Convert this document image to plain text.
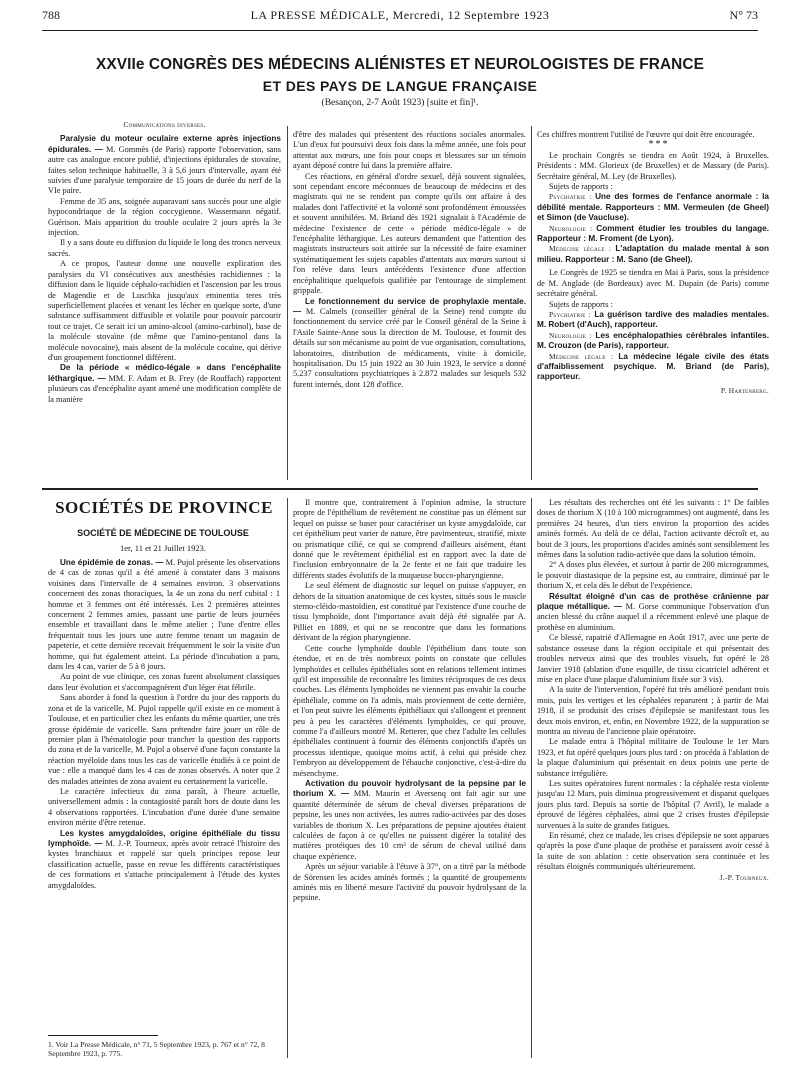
788	LA PRESSE MÉDICALE, Mercredi, 12 Septembre 1923	N° 73
XXVIIe CONGRÈS DES MÉDECINS ALIÉNISTES ET NEUROLOGISTES DE FRANCE
ET DES PAYS DE LANGUE FRANÇAISE
(Besançon, 2-7 Août 1923) [suite et fin]¹.

Communications diverses.

Paralysie du moteur oculaire externe après injections épidurales. — M. Gommès (de Paris) rapporte l'observation, sans autre cas analogue encore publié, d'injections épidurales de stovaïne, faites selon technique habituelle, 3 à 5,6 jours d'intervalle, ayant été suivies d'une paralysie temporaire de 15 jours de durée du nerf de la VIe paire.

Femme de 35 ans, soignée auparavant sans succès pour une algie hypocondriaque de la région coccygienne. Wassermann négatif. Guérison. Mais apparition du trouble oculaire 2 jours après la 3e injection.

Il y a sans doute eu diffusion du liquide le long des troncs nerveux sacrés.

A ce propos, l'auteur donne une nouvelle explication des paralysies du VI consécutives aux anesthésies rachidiennes : la diffusion dans le liquide céphalo-rachidien et l'ascension par les trous de Magendie et de Luschka jusqu'aux eminentia teres très superficiellement placées et venant les lécher en quelque sorte, d'une substance suffisamment diffusible et volatile pour pouvoir parcourir tout ce trajet. Ce serait ici un amino-alcool (amino-carbinol), base de la molécule stovaïne (de même que l'amino-pentanol dans la molécule novocaïne), mais absent de la molécule cocaïne, qui dérive d'un groupement fonctionnel différent.

De la période « médico-légale » dans l'encéphalite léthargique. — MM. F. Adam et B. Frey (de Rouffach) rapportent plusieurs cas d'encéphalite ayant amené une modification complète de la manière

d'être des malades qui présentent des réactions sociales anormales. L'un d'eux fut poursuivi deux fois dans la même année, une fois pour attentat aux mœurs, une fois pour coups et blessures sur un témoin ayant déposé contre lui dans la première affaire.

Ces réactions, en général d'ordre sexuel, déjà souvent signalées, sont cependant encore méconnues de beaucoup de médecins et des magistrats qui ne se rendent pas compte qu'ils ont affaire à des malades dont l'affectivité et la volonté sont profondément émoussées et souvent annihilées. M. Briand dès 1921 signalait à l'Académie de médecine l'existence de cette « période médico-légale » de l'encéphalite léthargique. Les auteurs demandent que l'attention des magistrats instructeurs soit attirée sur la nécessité de faire examiner systématiquement les sujets capables d'attentats aux mœurs surtout si l'on relève dans leurs antécédents l'existence d'une affection encéphalitique quelquefois qualifiée par l'entourage de simplement grippale.

Le fonctionnement du service de prophylaxie mentale. — M. Calmels (conseiller général de la Seine) rend compte du fonctionnement du service créé par le Conseil général de la Seine à l'Asile Sainte-Anne sous la direction de M. Toulouse, et fournit des détails sur son mécanisme au point de vue organisation, consultations, laboratoires, distribution de médicaments, visite à domicile, hospitalisation. Du 15 juin 1922 au 30 Juin 1923, le service a donné 5.237 consultations psychiatriques à 2.872 malades sur lesquels 532 furent internés, dont 128 d'office.

Ces chiffres montrent l'utilité de l'œuvre qui doit être encouragée.

***

Le prochain Congrès se tiendra en Août 1924, à Bruxelles. Présidents : MM. Glorieux (de Bruxelles) et de Massary (de Paris). Secrétaire général, M. Ley (de Bruxelles).

Sujets de rapports :

Psychiatrie : Une des formes de l'enfance anormale : la débilité mentale. Rapporteurs : MM. Vermeulen (de Gheel) et Simon (de Vaucluse).

Neurologie : Comment étudier les troubles du langage. Rapporteur : M. Froment (de Lyon).

Médecine légale : L'adaptation du malade mental à son milieu. Rapporteur : M. Sano (de Gheel).

Le Congrès de 1925 se tiendra en Mai à Paris, sous la présidence de M. Anglade (de Bordeaux) avec M. Dupain (de Paris) comme secrétaire général.

Sujets de rapports :

Psychiatrie : La guérison tardive des maladies mentales. M. Robert (d'Auch), rapporteur.

Neurologie : Les encéphalopathies cérébrales infantiles. M. Crouzon (de Paris), rapporteur.

Médecine légale : La médecine légale civile des états d'affaiblissement psychique. M. Briand (de Paris), rapporteur.

P. Hartenberg.

SOCIÉTÉS DE PROVINCE
SOCIÉTÉ DE MÉDECINE DE TOULOUSE
1er, 11 et 21 Juillet 1923.

Une épidémie de zonas. — M. Pujol présente les observations de 4 cas de zonas qu'il a été amené à constater dans 3 maisons voisines dans l'intervalle de 4 semaines environ. 3 observations concernent des zonas thoraciques, la 4e un zona du nerf cubital : 1 homme et 3 femmes ont été intéressés. Les 2 premières atteintes concernent 2 femmes amies, passant une partie de leurs journées ensemble et travaillant dans le même atelier ; l'une d'entre elles fréquentait tous les jours une autre femme tenant un magasin de papeterie, et cette dernière recevait fréquemment le soir la visite d'un homme, qui fut également atteint. La période d'incubation a paru, dans les 4 cas, varier de 5 à 8 jours.

Au point de vue clinique, ces zonas furent absolument classiques dans leur évolution et s'accompagnèrent d'un léger état fébrile.

Sans aborder à fond la question à l'ordre du jour des rapports du zona et de la varicelle, M. Pujol rappelle qu'il existe en ce moment à Toulouse, et en particulier chez les enfants du même quartier, une très grosse épidémie de varicelle. Sans prétendre faire jouer un rôle de premier plan à l'hématologie pour trancher la question des rapports du zona et de la varicelle, M. Pujol a observé d'une façon constante la réaction myéloïde dans tous les cas de varicelle étudiés à ce point de vue : elle a manqué dans les 4 cas de zonas observés. A noter que 2 des malades atteintes de zona avaient eu certainement la varicelle.

Le caractère infectieux du zona paraît, à l'heure actuelle, universellement admis : la contagiosité paraît hors de doute dans les 4 observations rapportées. L'incubation d'une durée d'une semaine environ mérite d'être retenue.

Les kystes amygdaloïdes, origine épithéliale du tissu lymphoïde. — M. J.-P. Tourneux, après avoir retracé l'histoire des kystes branchiaux et rappelé sur quels principes repose leur classification actuelle, passe en revue les différents caractéristiques de ces formations et s'attache principalement à l'étude des kystes amygdaloïdes.

1. Voir La Presse Médicale, n° 71, 5 Septembre 1923, p. 767 et n° 72, 8 Septembre 1923, p. 775.

Il montre que, contrairement à l'opinion admise, la structure propre de l'épithélium de revêtement ne constitue pas un élément sur lequel on puisse se baser pour caractériser un kyste amygdaloïde, car cet épithélium peut varier de nature, être pavimenteux, stratifié, mixte ou prismatique cilié, ce qui se comprend d'ailleurs aisément, étant donné que le revêtement épithélial est en rapport avec la date de l'inclusion embryonnaire de la 2e fente et ne fait que traduire les différents stades évolutifs de la muqueuse bucco-pharyngienne.

Le seul élément de diagnostic sur lequel on puisse s'appuyer, en dehors de la situation anatomique de ces kystes, situés sous le muscle sterno-cléido-mastoïdien, est constitué par l'existence d'une couche de tissu lymphoïde, dont l'importance avait déjà été signalée par A. Pilliet en 1889, et qui ne se rencontre que dans les formations dérivant de la région pharyngienne.

Cette couche lymphoïde double l'épithélium dans toute son étendue, et en de très nombreux points on constate que cellules lymphoïdes et cellules épithéliales sont en relations tellement intimes qu'il est impossible de reconnaître les limites réciproques de ces deux couches. Les éléments lymphoïdes ne viennent pas envahir la couche épithéliale, comme on l'a admis, mais proviennent de cette dernière, et l'on peut suivre les éléments épithéliaux qui s'allongent et prennent peu à peu les caractères d'éléments lymphoïdes, ce qui prouve, comme l'a d'ailleurs montré M. Retterer, que chez l'adulte les cellules épithéliales continuent à fournir des éléments conjonctifs d'après un processus identique, quoique moins actif, à celui qui préside chez l'embryon au développement de l'ébauche conjonctive, c'est-à-dire du mésenchyme.

Activation du pouvoir hydrolysant de la pepsine par le thorium X. — MM. Maurin et Aversenq ont fait agir sur une quantité déterminée de sérum de cheval diverses préparations de pepsine, les unes non activées, les autres radio-activées par des doses variables de thorium X. Les préparations de pepsine ajoutées étaient calculées de façon à ce qu'elles ne puissent digérer la totalité des matières protéiques des 10 cm³ de sérum de cheval utilisé dans chaque expérience.

Après un séjour variable à l'étuve à 37°, on a titré par la méthode de Sörensen les acides aminés formés ; la quantité de groupements aminés mis en liberté mesure l'activité du pouvoir hydrolysant de la pepsine.

Les résultats des recherches ont été les suivants : 1° De faibles doses de thorium X (10 à 100 microgrammes) ont augmenté, dans les premières 24 heures, d'un tiers environ la proportion des acides aminés formés. Au delà de ce délai, l'action activante décroît et, au bout de 3 jours, les proportions d'acides aminés sont sensiblement les mêmes dans la solution radio-activée que dans la solution témoin.

2° A doses plus élevées, et surtout à partir de 200 microgrammes, le pouvoir diastasique de la pepsine est, au contraire, diminué par le thorium X, et cela dès le début de l'expérience.

Résultat éloigné d'un cas de prothèse crânienne par plaque métallique. — M. Gorse communique l'observation d'un ancien blessé du crâne auquel il a récemment enlevé une plaque de prothèse en aluminium.

Ce blessé, rapatrié d'Allemagne en Août 1917, avec une perte de substance osseuse dans la région occipitale et qui présentait des troubles nerveux ainsi que des troubles visuels, fut opéré le 28 Janvier 1918 (ablation d'une esquille, de tissu cicatriciel adhérent et mise en place d'une plaque d'aluminium fixée sur 3 vis).

A la suite de l'intervention, l'opéré fut très amélioré pendant trois mois, puis les vertiges et les céphalées reparurent ; à partir de Mai 1918, il se produisit des crises d'épilepsie se manifestant tous les deux mois environ, et, enfin, en Novembre 1922, de la suppuration se montra au niveau de l'ancienne plaie opératoire.

Le malade entra à l'hôpital militaire de Toulouse le 1er Mars 1923, et fut opéré quelques jours plus tard : on procéda à l'ablation de la plaque d'aluminium qui présentait en deux points une perte de substance irrégulière.

Les suites opératoires furent normales : la céphalée resta violente jusqu'au 12 Mars, puis diminua progressivement et disparut quelques jours plus tard. Depuis sa sortie de l'hôpital (7 Avril), le malade a éprouvé de légères céphalées, ainsi que 2 crises frustes d'épilepsie survenues à la suite de grandes fatigues.

En résumé, chez ce malade, les crises d'épilepsie ne sont apparues qu'après la pose d'une plaque de prothèse et paraissent avoir cessé à la suite de son ablation : cette observation sera continuée et les résultats éloignés communiqués ultérieurement.

J.-P. Tourneux.
